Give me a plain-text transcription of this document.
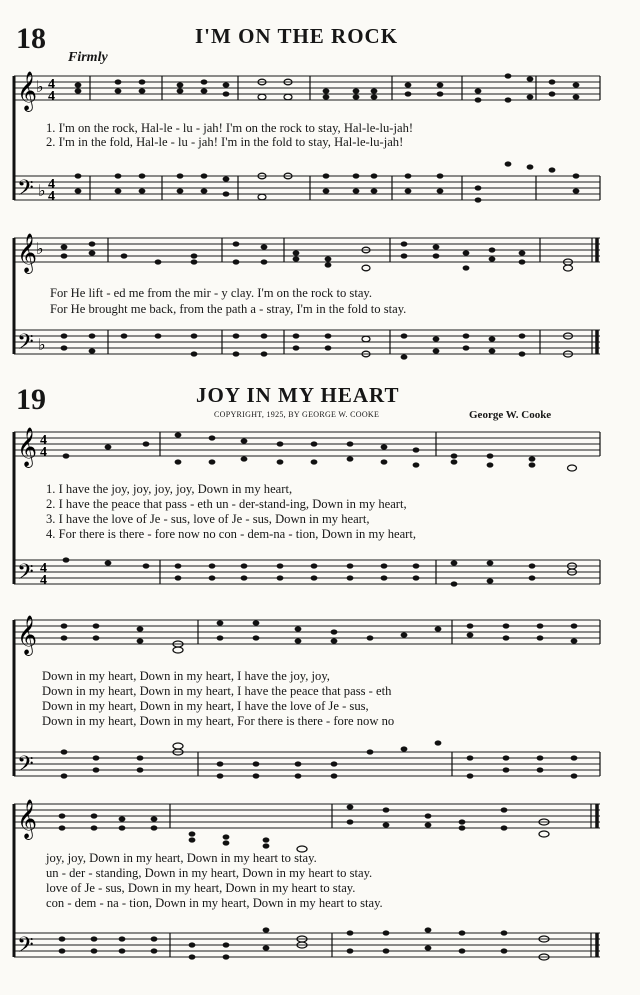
18	I'M ON THE ROCK
Firmly
𝄞
♭ 4
4
𝄢 ♭ 4
4
1. I'm on the rock, Hal-le - lu - jah! I'm on the rock to stay, Hal-le-lu-jah!
2. I'm in the fold, Hal-le - lu - jah! I'm in the fold to stay, Hal-le-lu-jah!
𝄞
♭
𝄢 ♭
For He lift - ed me from the mir - y clay. I'm on the rock to stay.
For He brought me back, from the path a - stray, I'm in the fold to stay.
19	JOY IN MY HEART
COPYRIGHT, 1925, BY GEORGE W. COOKE	George W. Cooke
𝄞 4
4
𝄢 4
4
1. I have the joy, joy, joy, joy, Down in my heart,
2. I have the peace that pass - eth un - der-stand-ing, Down in my heart,
3. I have the love of Je - sus, love of Je - sus, Down in my heart,
4. For there is there - fore now no con - dem-na - tion, Down in my heart,
𝄞
𝄢
Down in my heart, Down in my heart, I have the joy, joy,
Down in my heart, Down in my heart, I have the peace that pass - eth
Down in my heart, Down in my heart, I have the love of Je - sus,
Down in my heart, Down in my heart, For there is there - fore now no
𝄞
𝄢
joy, joy, Down in my heart, Down in my heart to stay.
un - der - standing, Down in my heart, Down in my heart to stay.
love of Je - sus, Down in my heart, Down in my heart to stay.
con - dem - na - tion, Down in my heart, Down in my heart to stay.
